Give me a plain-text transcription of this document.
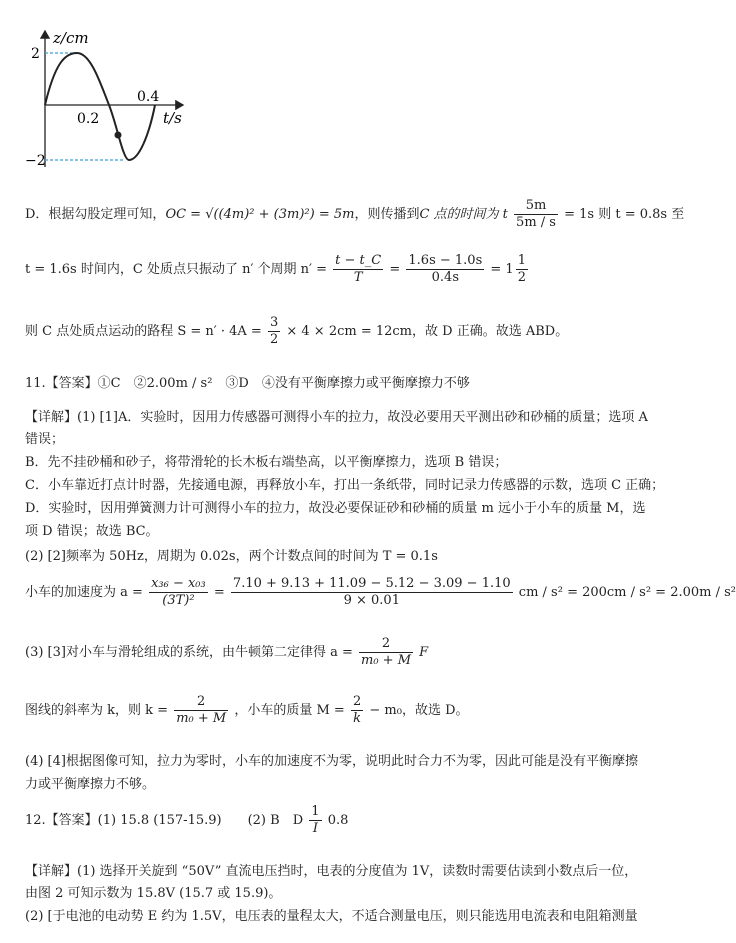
z/cm
t/s
2
−2
0.2
0.4
D．根据勾股定理可知，OC = √((4m)² + (3m)²) = 5m，则传播到C 点的时间为 t $\frac{5m}{5m / s} = 1s$ 则 t = 0.8s 至
t = 1.6s 时间内，C 处质点只振动了 n′ 个周期 $n' = \frac{t - t\_C}{T} = \frac{1.6s - 1.0s}{0.4s} = 1 \frac{1}{2}$
则 C 点处质点运动的路程 $S = n' \cdot 4A = \frac{3}{2} \times 4 \times 2cm = 12cm$，故 D 正确。故选 ABD。
11.【答案】①C　②2.00m / s²　③D　④没有平衡摩擦力或平衡摩擦力不够
【详解】(1) [1]A．实验时，因用力传感器可测得小车的拉力，故没必要用天平测出砂和砂桶的质量；选项 A
错误；
B．先不挂砂桶和砂子，将带滑轮的长木板右端垫高，以平衡摩擦力，选项 B 错误；
C．小车靠近打点计时器，先接通电源，再释放小车，打出一条纸带，同时记录力传感器的示数，选项 C 正确；
D．实验时，因用弹簧测力计可测得小车的拉力，故没必要保证砂和砂桶的质量 m 远小于小车的质量 M，选
项 D 错误；故选 BC。
(2) [2]频率为 50Hz，周期为 0.02s，两个计数点间的时间为 T = 0.1s
小车的加速度为 $a = \frac{\text{x₃₆ − x₀₃}}{\text{(3T)²}} = \frac{7.10 + 9.13 + 11.09 - 5.12 - 3.09 - 1.10}{9 \times 0.01}$ cm / s² = 200cm / s² = 2.00m / s²
(3) [3]对小车与滑轮组成的系统，由牛顿第二定律得 $a = \frac{2}{\text{m₀ + M}}$ F
图线的斜率为 k，则 $k = \frac{2}{\text{m₀ + M}}$ ，小车的质量 $M = \frac{2}{k} - m_0$，故选 D。
(4) [4]根据图像可知，拉力为零时，小车的加速度不为零，说明此时合力不为零，因此可能是没有平衡摩擦
力或平衡摩擦力不够。
12.【答案】(1) 15.8 (157-15.9)　　(2) B　D $\frac{1}{I} 0.8$
【详解】(1) 选择开关旋到 “50V” 直流电压挡时，电表的分度值为 1V，读数时需要估读到小数点后一位，
由图 2 可知示数为 15.8V (15.7 或 15.9)。
(2) [于电池的电动势 E 约为 1.5V，电压表的量程太大，不适合测量电压，则只能选用电流表和电阻箱测量
